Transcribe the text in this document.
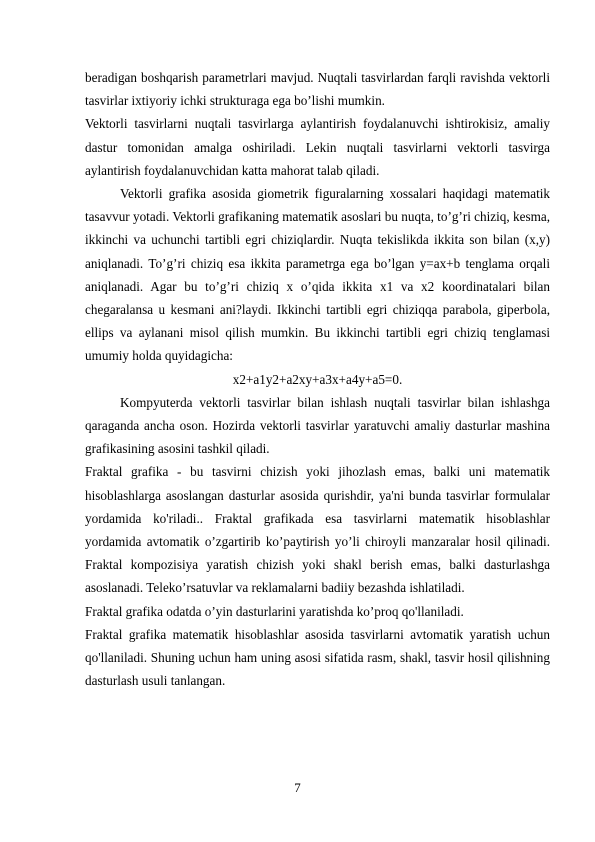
beradigan boshqarish parametrlari mavjud. Nuqtali tasvirlardan farqli ravishda vektorli tasvirlar ixtiyoriy ichki strukturaga ega bo’lishi mumkin.

Vektorli tasvirlarni nuqtali tasvirlarga aylantirish foydalanuvchi ishtirokisiz, amaliy dastur tomonidan amalga oshiriladi. Lekin nuqtali tasvirlarni vektorli tasvirga aylantirish foydalanuvchidan katta mahorat talab qiladi.

Vektorli grafika asosida giometrik figuralarning xossalari haqidagi matematik tasavvur yotadi. Vektorli grafikaning matematik asoslari bu nuqta, to’g’ri chiziq, kesma, ikkinchi va uchunchi tartibli egri chiziqlardir. Nuqta tekislikda ikkita son bilan (x,y) aniqlanadi. To’g’ri chiziq esa ikkita parametrga ega bo’lgan y=ax+b tenglama orqali aniqlanadi. Agar bu to’g’ri chiziq x o’qida ikkita x1 va x2 koordinatalari bilan chegaralansa u kesmani ani?laydi. Ikkinchi tartibli egri chiziqqa parabola, giperbola, ellips va aylanani misol qilish mumkin. Bu ikkinchi tartibli egri chiziq tenglamasi umumiy holda quyidagicha:

x2+a1y2+a2xy+a3x+a4y+a5=0.

Kompyuterda vektorli tasvirlar bilan ishlash nuqtali tasvirlar bilan ishlashga qaraganda ancha oson. Hozirda vektorli tasvirlar yaratuvchi amaliy dasturlar mashina grafikasining asosini tashkil qiladi.

Fraktal grafika - bu tasvirni chizish yoki jihozlash emas, balki uni matematik hisoblashlarga asoslangan dasturlar asosida qurishdir, ya'ni bunda tasvirlar formulalar yordamida ko'riladi.. Fraktal grafikada esa tasvirlarni matematik hisoblashlar yordamida avtomatik o’zgartirib ko’paytirish yo’li chiroyli manzaralar hosil qilinadi. Fraktal kompozisiya yaratish chizish yoki shakl berish emas, balki dasturlashga asoslanadi. Teleko’rsatuvlar va reklamalarni badiiy bezashda ishlatiladi.

Fraktal grafika odatda o’yin dasturlarini yaratishda ko’proq qo'llaniladi.

Fraktal grafika matematik hisoblashlar asosida tasvirlarni avtomatik yaratish uchun qo'llaniladi. Shuning uchun ham uning asosi sifatida rasm, shakl, tasvir hosil qilishning dasturlash usuli tanlangan.

7
